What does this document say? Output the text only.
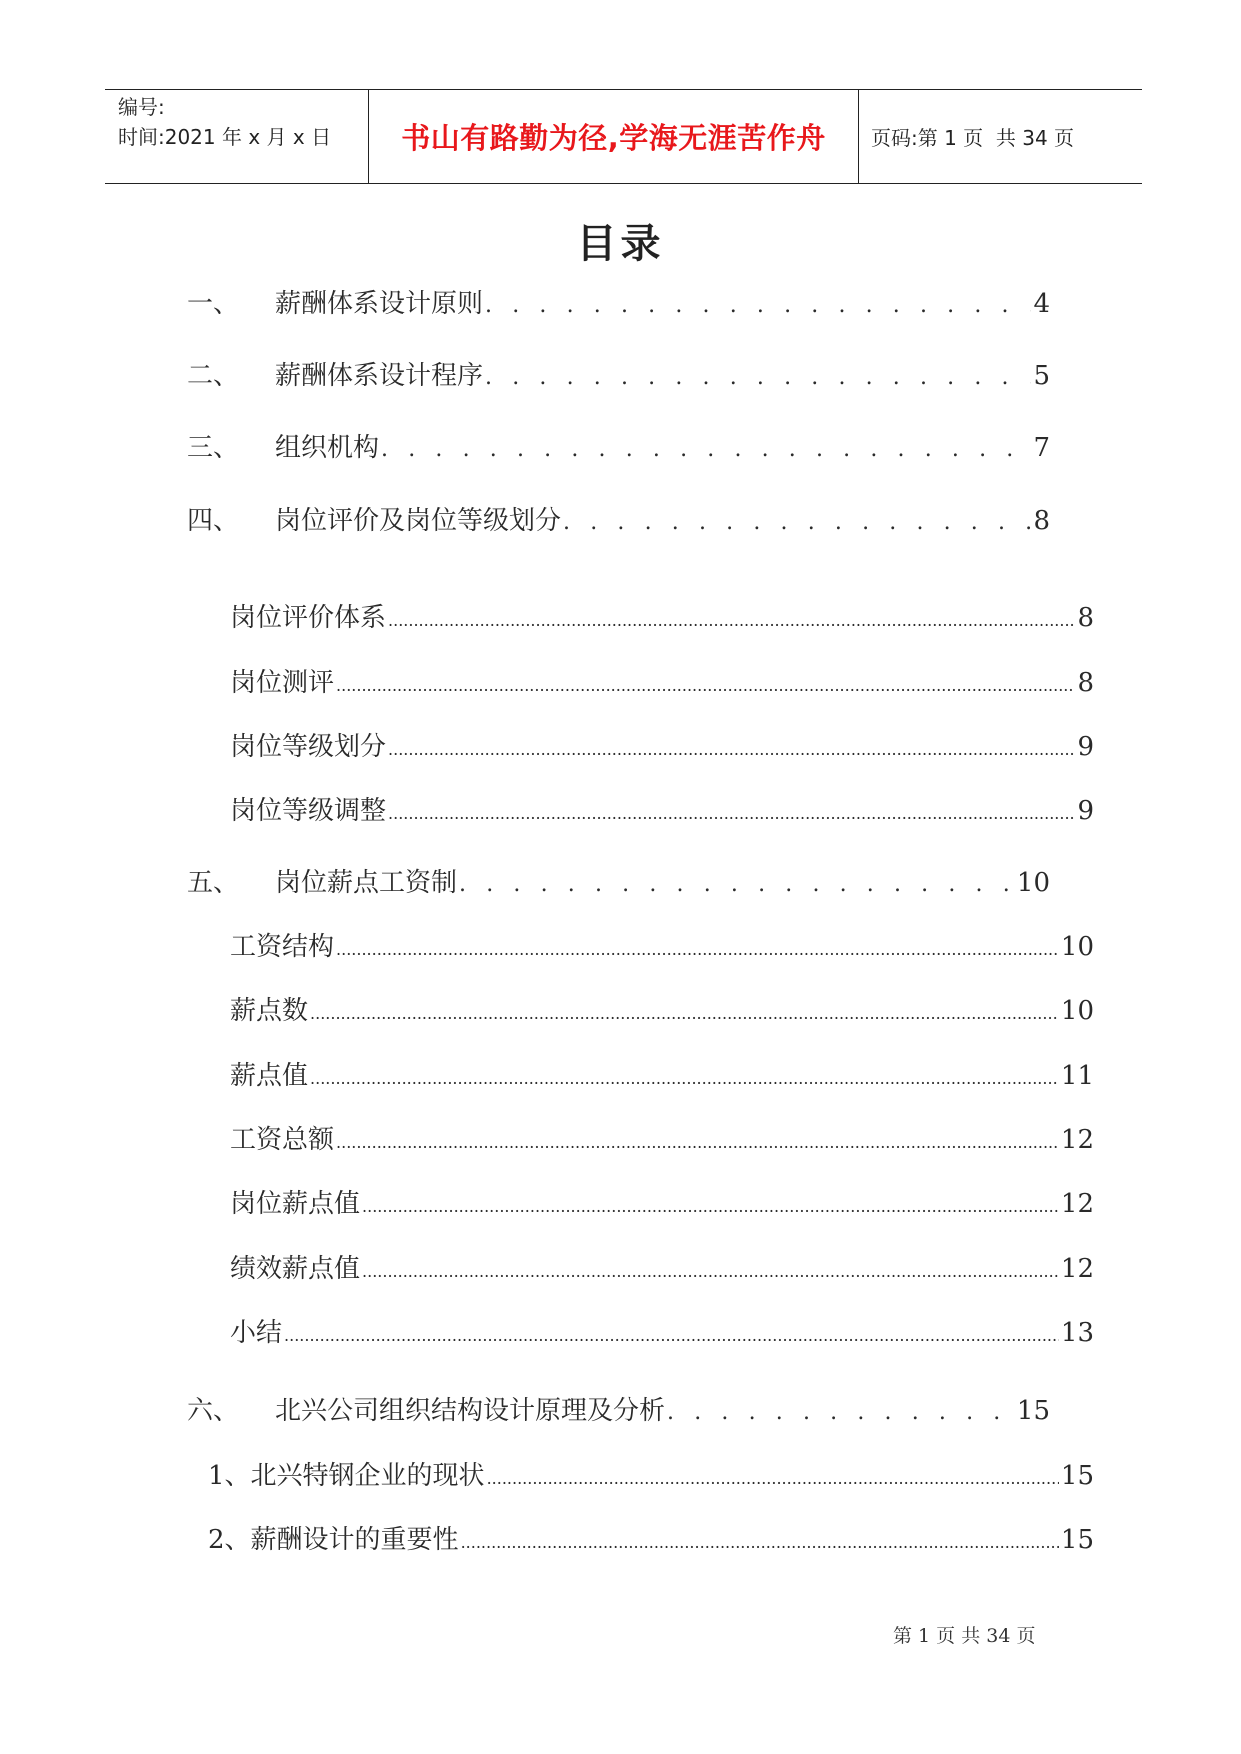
编号:
时间:2021 年 x 月 x 日	书山有路勤为径,学海无涯苦作舟	页码:第 1 页  共 34 页
目录
一、	薪酬体系设计原则 . . .	4
二、	薪酬体系设计程序 . . .	5
三、	组织机构 . . .	7
四、	岗位评价及岗位等级划分 . . .	8
岗位评价体系 .....	8
岗位测评 .....	8
岗位等级划分 .....	9
岗位等级调整 .....	9
五、	岗位薪点工资制 . . .	10
工资结构 .....	10
薪点数 .....	10
薪点值 .....	11
工资总额 .....	12
岗位薪点值 .....	12
绩效薪点值 .....	12
小结 .....	13
六、	北兴公司组织结构设计原理及分析 . . .	15
1、 北兴特钢企业的现状 .....	15
2、 薪酬设计的重要性 .....	15
第 1 页 共 34 页
